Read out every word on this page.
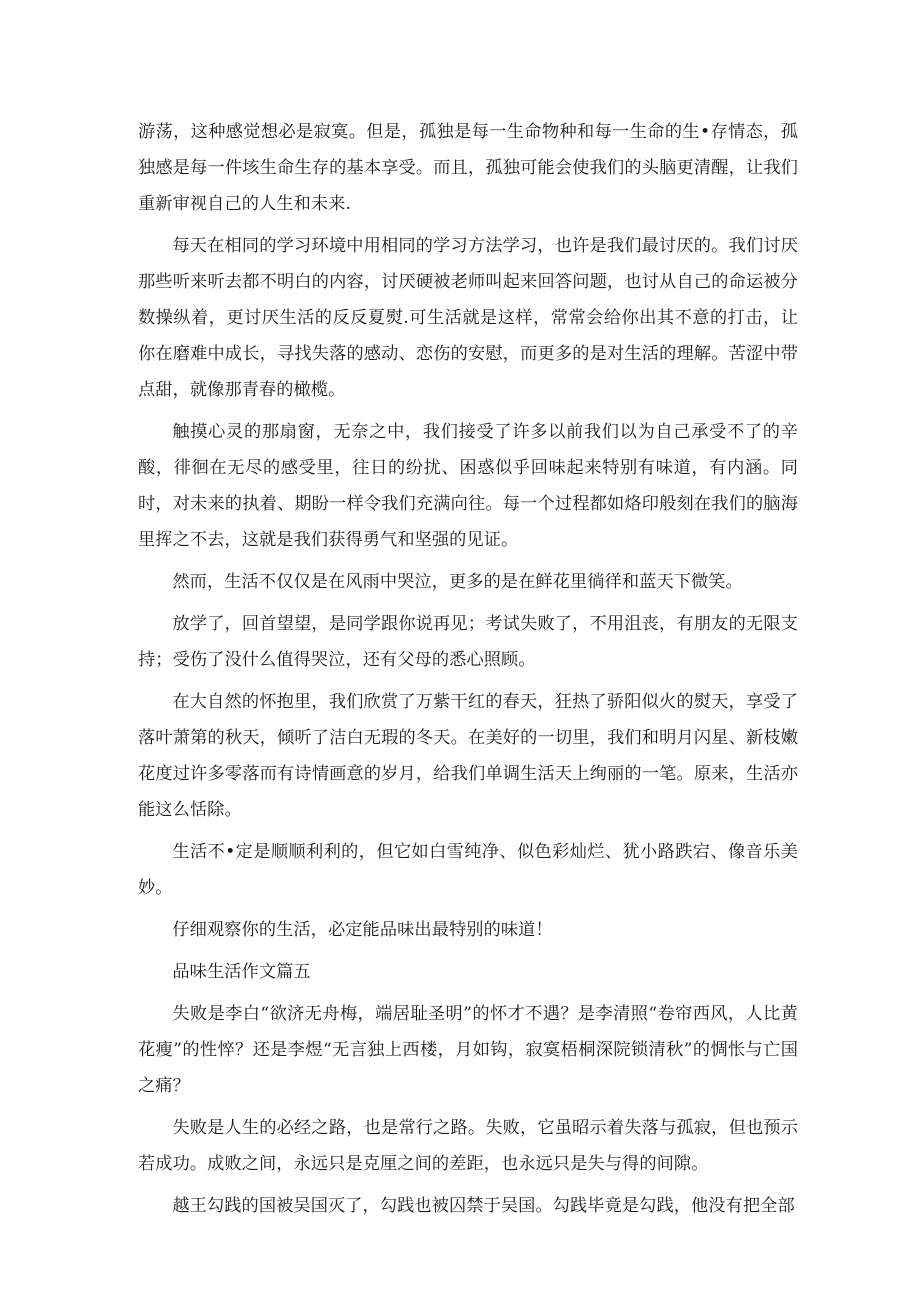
游荡，这种感觉想必是寂寞。但是，孤独是每一生命物种和每一生命的生•存情态，孤独感是每一件垓生命生存的基本享受。而且，孤独可能会使我们的头脑更清醒，让我们重新审视自己的人生和未来.

每天在相同的学习环境中用相同的学习方法学习，也许是我们最讨厌的。我们讨厌那些听来听去都不明白的内容，讨厌硬被老师叫起来回答问题，也讨从自己的命运被分数操纵着，更讨厌生活的反反夏熨.可生活就是这样，常常会给你出其不意的打击，让你在磨难中成长，寻找失落的感动、恋伤的安慰，而更多的是对生活的理解。苦涩中带点甜，就像那青春的橄榄。

触摸心灵的那扇窗，无奈之中，我们接受了许多以前我们以为自己承受不了的辛酸，徘徊在无尽的感受里，往日的纷扰、困惑似乎回味起来特别有味道，有内涵。同时，对未来的执着、期盼一样令我们充满向往。每一个过程都如烙印般刻在我们的脑海里挥之不去，这就是我们获得勇气和坚强的见证。

然而，生活不仅仅是在风雨中哭泣，更多的是在鲜花里徜徉和蓝天下微笑。

放学了，回首望望，是同学跟你说再见；考试失败了，不用沮丧，有朋友的无限支持；受伤了没什么值得哭泣，还有父母的悉心照顾。

在大自然的怀抱里，我们欣赏了万紫干红的春天，狂热了骄阳似火的熨天，享受了落叶萧第的秋天，倾听了洁白无瑕的冬天。在美好的一切里，我们和明月闪星、新枝嫩花度过许多零落而有诗情画意的岁月，给我们单调生活天上绚丽的一笔。原来，生活亦能这么恬除。

生活不•定是顺顺利利的，但它如白雪纯净、似色彩灿烂、犹小路跌宕、像音乐美妙。

仔细观察你的生活，必定能品味出最特别的味道！

品味生活作文篇五

失败是李白“欲济无舟梅，端居耻圣明”的怀才不遇？是李清照“卷帘西风，人比黄花瘦”的性悴？还是李煜“无言独上西楼，月如钩，寂寞梧桐深院锁清秋”的惆怅与亡国之痛？

失败是人生的必经之路，也是常行之路。失败，它虽昭示着失落与孤寂，但也预示若成功。成败之间，永远只是克厘之间的差距，也永远只是失与得的间隙。

越王勾践的国被吴国灭了，勾践也被囚禁于吴国。勾践毕竟是勾践，他没有把全部
